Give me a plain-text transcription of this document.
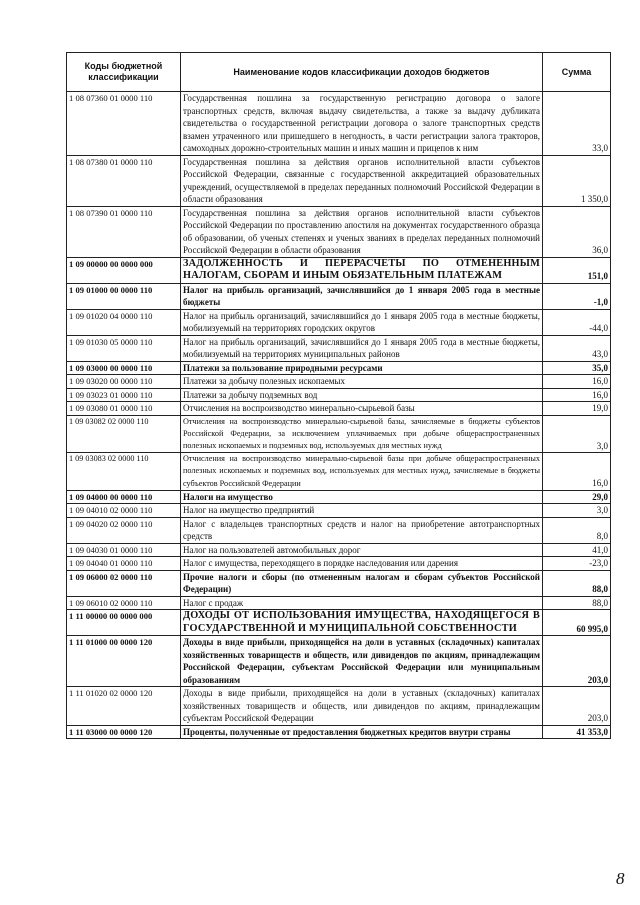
Коды бюджетной классификации	Наименование кодов классификации доходов бюджетов	Сумма
1 08 07360 01 0000 110	Государственная пошлина за государственную регистрацию договора о залоге транспортных средств, включая выдачу свидетельства, а также за выдачу дубликата свидетельства о государственной регистрации договора о залоге транспортных средств взамен утраченного или пришедшего в негодность, в части регистрации залога тракторов, самоходных дорожно-строительных машин и иных машин и прицепов к ним	33,0
1 08 07380 01 0000 110	Государственная пошлина за действия органов исполнительной власти субъектов Российской Федерации, связанные с государственной аккредитацией образовательных учреждений, осуществляемой в пределах переданных полномочий Российской Федерации в области образования	1 350,0
1 08 07390 01 0000 110	Государственная пошлина за действия органов исполнительной власти субъектов Российской Федерации по проставлению апостиля на документах государственного образца об образовании, об ученых степенях и ученых званиях в пределах переданных полномочий Российской Федерации в области образования	36,0
1 09 00000 00 0000 000	ЗАДОЛЖЕННОСТЬ И ПЕРЕРАСЧЕТЫ ПО ОТМЕНЕННЫМ НАЛОГАМ, СБОРАМ И ИНЫМ ОБЯЗАТЕЛЬНЫМ ПЛАТЕЖАМ	151,0
1 09 01000 00 0000 110	Налог на прибыль организаций, зачислявшийся до 1 января 2005 года в местные бюджеты	-1,0
1 09 01020 04 0000 110	Налог на прибыль организаций, зачислявшийся до 1 января 2005 года в местные бюджеты, мобилизуемый на территориях городских округов	-44,0
1 09 01030 05 0000 110	Налог на прибыль организаций, зачислявшийся до 1 января 2005 года в местные бюджеты, мобилизуемый на территориях муниципальных районов	43,0
1 09 03000 00 0000 110	Платежи за пользование природными ресурсами	35,0
1 09 03020 00 0000 110	Платежи за добычу полезных ископаемых	16,0
1 09 03023 01 0000 110	Платежи за добычу подземных вод	16,0
1 09 03080 01 0000 110	Отчисления на воспроизводство минерально-сырьевой базы	19,0
1 09 03082 02 0000 110	Отчисления на воспроизводство минерально-сырьевой базы, зачисляемые в бюджеты субъектов Российской Федерации, за исключением уплачиваемых при добыче общераспространенных полезных ископаемых и подземных вод, используемых для местных нужд	3,0
1 09 03083 02 0000 110	Отчисления на воспроизводство минерально-сырьевой базы при добыче общераспространенных полезных ископаемых и подземных вод, используемых для местных нужд, зачисляемые в бюджеты субъектов Российской Федерации	16,0
1 09 04000 00 0000 110	Налоги на имущество	29,0
1 09 04010 02 0000 110	Налог на имущество предприятий	3,0
1 09 04020 02 0000 110	Налог с владельцев транспортных средств и налог на приобретение автотранспортных средств	8,0
1 09 04030 01 0000 110	Налог на пользователей автомобильных дорог	41,0
1 09 04040 01 0000 110	Налог с имущества, переходящего в порядке наследования или дарения	-23,0
1 09 06000 02 0000 110	Прочие налоги и сборы (по отмененным налогам и сборам субъектов Российской Федерации)	88,0
1 09 06010 02 0000 110	Налог с продаж	88,0
1 11 00000 00 0000 000	ДОХОДЫ ОТ ИСПОЛЬЗОВАНИЯ ИМУЩЕСТВА, НАХОДЯЩЕГОСЯ В ГОСУДАРСТВЕННОЙ И МУНИЦИПАЛЬНОЙ СОБСТВЕННОСТИ	60 995,0
1 11 01000 00 0000 120	Доходы в виде прибыли, приходящейся на доли в уставных (складочных) капиталах хозяйственных товариществ и обществ, или дивидендов по акциям, принадлежащим Российской Федерации, субъектам Российской Федерации или муниципальным образованиям	203,0
1 11 01020 02 0000 120	Доходы в виде прибыли, приходящейся на доли в уставных (складочных) капиталах хозяйственных товариществ и обществ, или дивидендов по акциям, принадлежащим субъектам Российской Федерации	203,0
1 11 03000 00 0000 120	Проценты, полученные от предоставления бюджетных кредитов внутри страны	41 353,0
8
